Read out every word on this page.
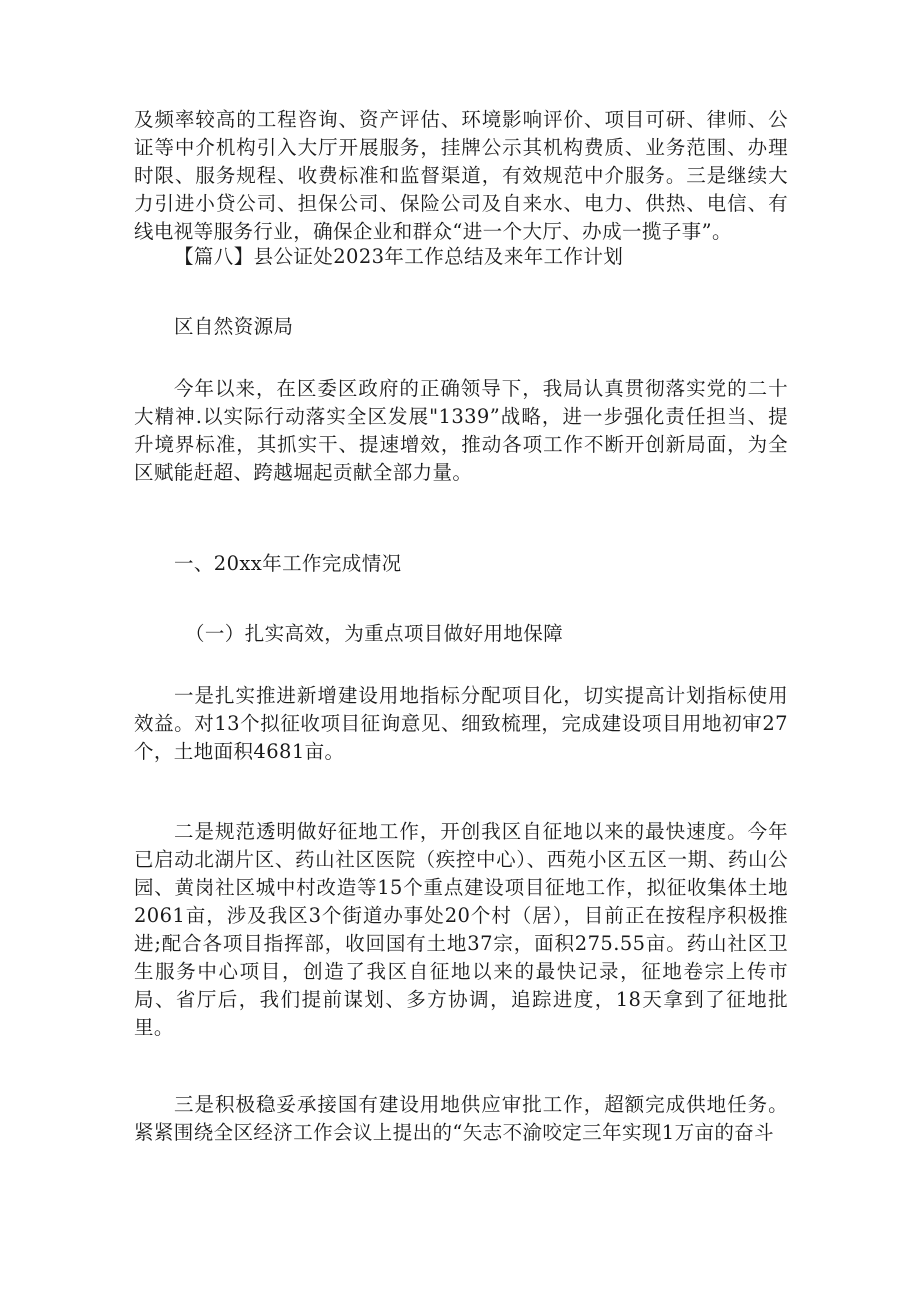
及频率较高的工程咨询、资产评估、环境影响评价、项目可研、律师、公证等中介机构引入大厅开展服务，挂牌公示其机构费质、业务范围、办理时限、服务规程、收费标准和监督渠道，有效规范中介服务。三是继续大力引进小贷公司、担保公司、保险公司及自来水、电力、供热、电信、有线电视等服务行业，确保企业和群众“进一个大厅、办成一揽子事”。

【篇八】县公证处2023年工作总结及来年工作计划

区自然资源局

今年以来，在区委区政府的正确领导下，我局认真贯彻落实党的二十大精神.以实际行动落实全区发展"1339”战略，进一步强化责任担当、提升境界标准，其抓实干、提速增效，推动各项工作不断开创新局面，为全区赋能赶超、跨越堀起贡献全部力量。

一、20xx年工作完成情况

（一）扎实高效，为重点项目做好用地保障

一是扎实推进新增建设用地指标分配项目化，切实提高计划指标使用效益。对13个拟征收项目征询意见、细致梳理，完成建设项目用地初审27个，土地面积4681亩。

二是规范透明做好征地工作，开创我区自征地以来的最快速度。今年已启动北湖片区、药山社区医院（疾控中心）、西苑小区五区一期、药山公园、黄岗社区城中村改造等15个重点建设项目征地工作，拟征收集体土地2061亩，涉及我区3个街道办事处20个村（居），目前正在按程序积极推进;配合各项目指挥部，收回国有土地37宗，面积275.55亩。药山社区卫生服务中心项目，创造了我区自征地以来的最快记录，征地卷宗上传市局、省厅后，我们提前谋划、多方协调，追踪进度，18天拿到了征地批里。

三是积极稳妥承接国有建设用地供应审批工作，超额完成供地任务。紧紧围绕全区经济工作会议上提出的“矢志不渝咬定三年实现1万亩的奋斗
